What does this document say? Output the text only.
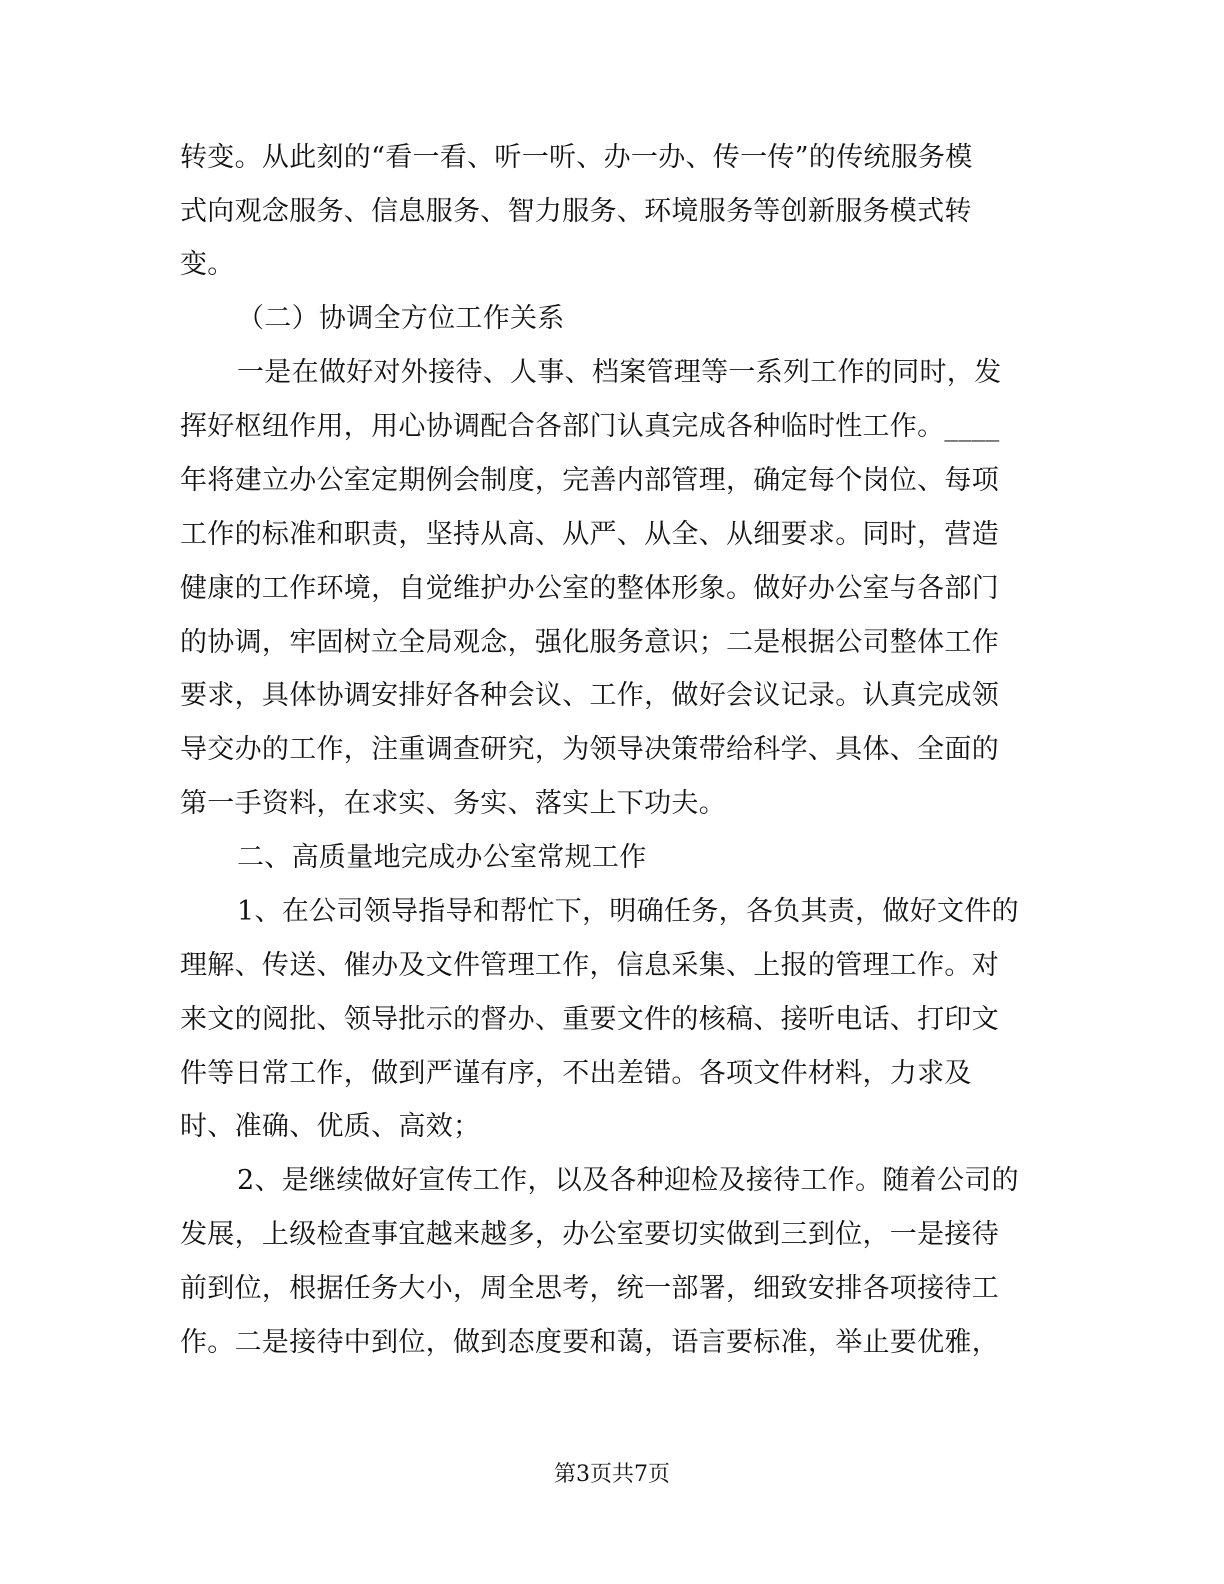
转变。从此刻的“看一看、听一听、办一办、传一传”的传统服务模
式向观念服务、信息服务、智力服务、环境服务等创新服务模式转
变。
（二）协调全方位工作关系
一是在做好对外接待、人事、档案管理等一系列工作的同时，发
挥好枢纽作用，用心协调配合各部门认真完成各种临时性工作。____
年将建立办公室定期例会制度，完善内部管理，确定每个岗位、每项
工作的标准和职责，坚持从高、从严、从全、从细要求。同时，营造
健康的工作环境，自觉维护办公室的整体形象。做好办公室与各部门
的协调，牢固树立全局观念，强化服务意识；二是根据公司整体工作
要求，具体协调安排好各种会议、工作，做好会议记录。认真完成领
导交办的工作，注重调查研究，为领导决策带给科学、具体、全面的
第一手资料，在求实、务实、落实上下功夫。
二、高质量地完成办公室常规工作
1、在公司领导指导和帮忙下，明确任务，各负其责，做好文件的
理解、传送、催办及文件管理工作，信息采集、上报的管理工作。对
来文的阅批、领导批示的督办、重要文件的核稿、接听电话、打印文
件等日常工作，做到严谨有序，不出差错。各项文件材料，力求及
时、准确、优质、高效；
2、是继续做好宣传工作，以及各种迎检及接待工作。随着公司的
发展，上级检查事宜越来越多，办公室要切实做到三到位，一是接待
前到位，根据任务大小，周全思考，统一部署，细致安排各项接待工
作。二是接待中到位，做到态度要和蔼，语言要标准，举止要优雅，
第3页共7页
